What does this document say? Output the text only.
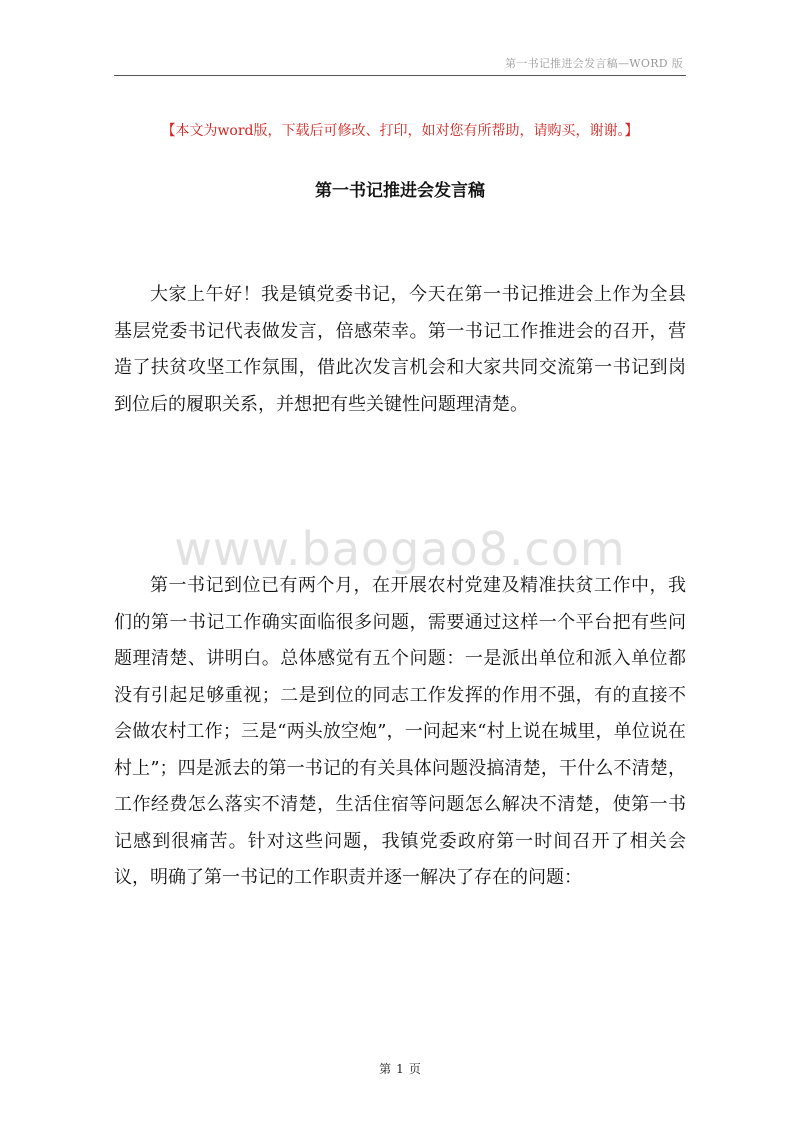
第一书记推进会发言稿—WORD 版
【本文为word版，下载后可修改、打印，如对您有所帮助，请购买，谢谢。】
第一书记推进会发言稿

大家上午好！我是镇党委书记，今天在第一书记推进会上作为全县基层党委书记代表做发言，倍感荣幸。第一书记工作推进会的召开，营造了扶贫攻坚工作氛围，借此次发言机会和大家共同交流第一书记到岗到位后的履职关系，并想把有些关键性问题理清楚。

www.baogao8.com

第一书记到位已有两个月，在开展农村党建及精准扶贫工作中，我们的第一书记工作确实面临很多问题，需要通过这样一个平台把有些问题理清楚、讲明白。总体感觉有五个问题：一是派出单位和派入单位都没有引起足够重视；二是到位的同志工作发挥的作用不强，有的直接不会做农村工作；三是“两头放空炮”，一问起来“村上说在城里，单位说在村上”；四是派去的第一书记的有关具体问题没搞清楚，干什么不清楚，工作经费怎么落实不清楚，生活住宿等问题怎么解决不清楚，使第一书记感到很痛苦。针对这些问题，我镇党委政府第一时间召开了相关会议，明确了第一书记的工作职责并逐一解决了存在的问题：

第 1 页
